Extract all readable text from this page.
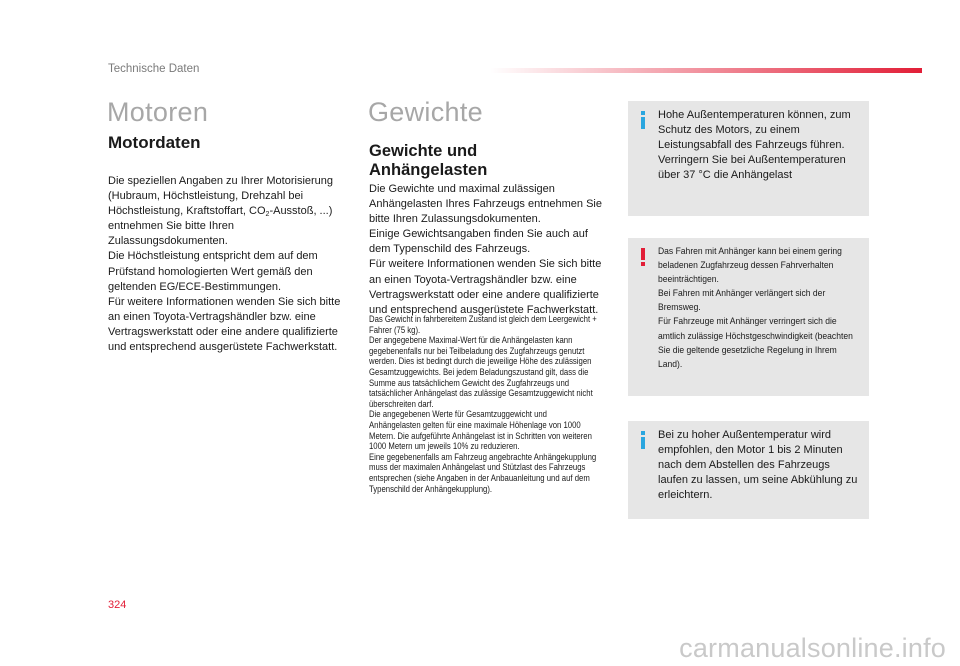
Technische Daten
Motoren
Motordaten

Die speziellen Angaben zu Ihrer Motorisierung (Hubraum, Höchstleistung, Drehzahl bei Höchstleistung, Kraftstoffart, $CO_2$-Ausstoß, ...) entnehmen Sie bitte Ihren Zulassungsdokumenten.

Die Höchstleistung entspricht dem auf dem Prüfstand homologierten Wert gemäß den geltenden EG/ECE-Bestimmungen.

Für weitere Informationen wenden Sie sich bitte an einen Toyota-Vertragshändler bzw. eine Vertragswerkstatt oder eine andere qualifizierte und entsprechend ausgerüstete Fachwerkstatt.

Gewichte
Gewichte und Anhängelasten

Die Gewichte und maximal zulässigen Anhängelasten Ihres Fahrzeugs entnehmen Sie bitte Ihren Zulassungsdokumenten.

Einige Gewichtsangaben finden Sie auch auf dem Typenschild des Fahrzeugs.

Für weitere Informationen wenden Sie sich bitte an einen Toyota-Vertragshändler bzw. eine Vertragswerkstatt oder eine andere qualifizierte und entsprechend ausgerüstete Fachwerkstatt.

Das Gewicht in fahrbereitem Zustand ist gleich dem Leergewicht + Fahrer (75 kg).

Der angegebene Maximal-Wert für die Anhängelasten kann gegebenenfalls nur bei Teilbeladung des Zugfahrzeugs genutzt werden. Dies ist bedingt durch die jeweilige Höhe des zulässigen Gesamtzuggewichts. Bei jedem Beladungszustand gilt, dass die Summe aus tatsächlichem Gewicht des Zugfahrzeugs und tatsächlicher Anhängelast das zulässige Gesamtzuggewicht nicht überschreiten darf.

Die angegebenen Werte für Gesamtzuggewicht und Anhängelasten gelten für eine maximale Höhenlage von 1000 Metern. Die aufgeführte Anhängelast ist in Schritten von weiteren 1000 Metern um jeweils 10% zu reduzieren.

Eine gegebenenfalls am Fahrzeug angebrachte Anhängekupplung muss der maximalen Anhängelast und Stützlast des Fahrzeugs entsprechen (siehe Angaben in der Anbauanleitung und auf dem Typenschild der Anhängekupplung).

Hohe Außentemperaturen können, zum Schutz des Motors, zu einem Leistungsabfall des Fahrzeugs führen. Verringern Sie bei Außentemperaturen über 37 °C die Anhängelast

Das Fahren mit Anhänger kann bei einem gering beladenen Zugfahrzeug dessen Fahrverhalten beeinträchtigen.

Bei Fahren mit Anhänger verlängert sich der Bremsweg.

Für Fahrzeuge mit Anhänger verringert sich die amtlich zulässige Höchstgeschwindigkeit (beachten Sie die geltende gesetzliche Regelung in Ihrem Land).

Bei zu hoher Außentemperatur wird empfohlen, den Motor 1 bis 2 Minuten nach dem Abstellen des Fahrzeugs laufen zu lassen, um seine Abkühlung zu erleichtern.
324
carmanualsonline.info
